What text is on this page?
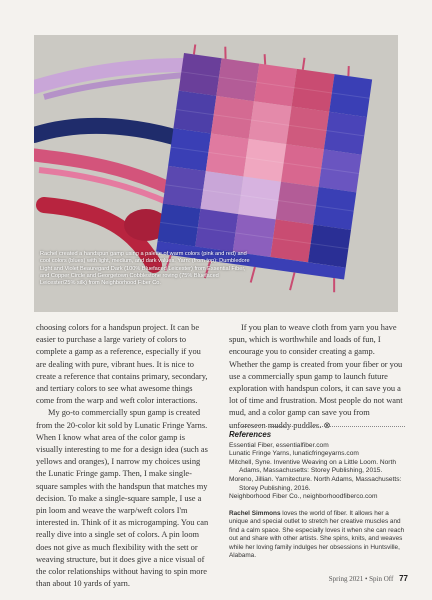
Rachel created a handspun gamp using a palette of warm colors (pink and red) and cool colors (blues) with light, medium, and dark values. Yarn: (from top): Dumbledore Light and Violet Beauregard Dark (100% Bluefaced Leicester) from Essential Fiber, and Copper Circle and Georgetown Cobblestone roving (75% Bluefaced Leicester/25% silk) from Neighborhood Fiber Co.

choosing colors for a handspun project. It can be easier to purchase a large variety of colors to complete a gamp as a reference, especially if you are dealing with pure, vibrant hues. It is nice to create a reference that contains primary, secondary, and tertiary colors to see what awesome things come from the warp and weft color interactions.

My go-to commercially spun gamp is created from the 20-color kit sold by Lunatic Fringe Yarns. When I know what area of the color gamp is visually interesting to me for a design idea (such as yellows and oranges), I narrow my choices using the Lunatic Fringe gamp. Then, I make single-square samples with the handspun that matches my decision. To make a single-square sample, I use a pin loom and weave the warp/weft colors I'm interested in. Think of it as microgamping. You can really dive into a single set of colors. A pin loom does not give as much flexibility with the sett or weaving structure, but it does give a nice visual of the color relationships without having to spin more than about 10 yards of yarn.

If you plan to weave cloth from yarn you have spun, which is worthwhile and loads of fun, I encourage you to consider creating a gamp. Whether the gamp is created from your fiber or you use a commercially spun gamp to launch future exploration with handspun colors, it can save you a lot of time and frustration. Most people do not want mud, and a color gamp can save you from unforeseen muddy puddles. ⊗

References
Essential Fiber, essentialfiber.com
Lunatic Fringe Yarns, lunaticfringeyarns.com
Mitchell, Syne. Inventive Weaving on a Little Loom. North Adams, Massachusetts: Storey Publishing, 2015.
Moreno, Jillian. Yarnitecture. North Adams, Massachusetts: Storey Publishing, 2016.
Neighborhood Fiber Co., neighborhoodfiberco.com
Rachel Simmons loves the world of fiber. It allows her a unique and special outlet to stretch her creative muscles and find a calm space. She especially loves it when she can reach out and share with other artists. She spins, knits, and weaves while her loving family indulges her obsessions in Huntsville, Alabama.
Spring 2021 • Spin Off 77
